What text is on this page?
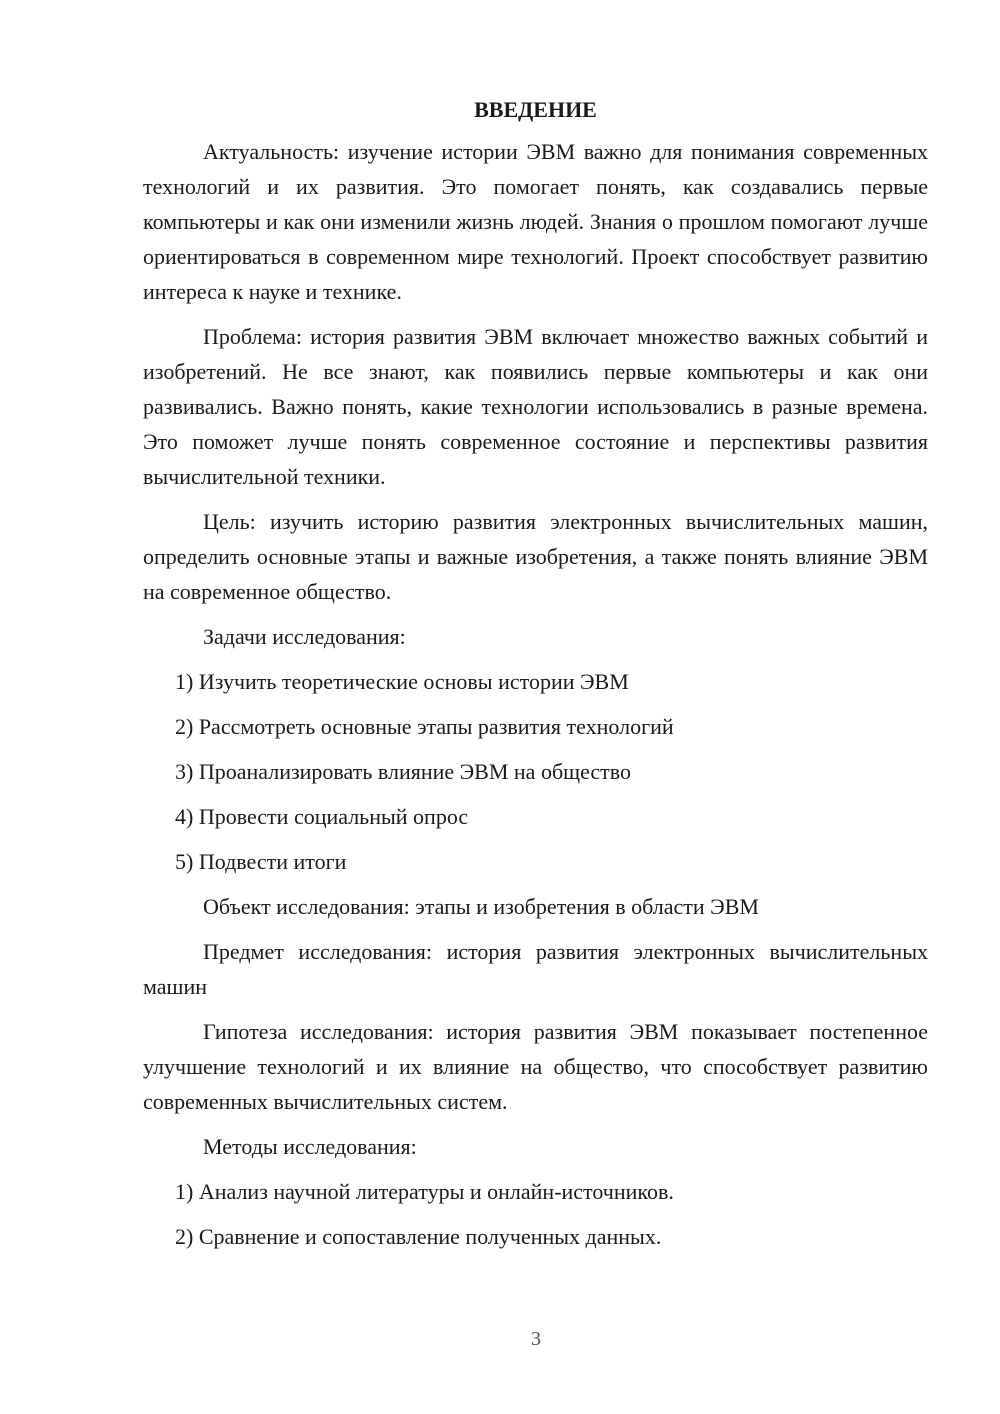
ВВЕДЕНИЕ

Актуальность: изучение истории ЭВМ важно для понимания современных технологий и их развития. Это помогает понять, как создавались первые компьютеры и как они изменили жизнь людей. Знания о прошлом помогают лучше ориентироваться в современном мире технологий. Проект способствует развитию интереса к науке и технике.

Проблема: история развития ЭВМ включает множество важных событий и изобретений. Не все знают, как появились первые компьютеры и как они развивались. Важно понять, какие технологии использовались в разные времена. Это поможет лучше понять современное состояние и перспективы развития вычислительной техники.

Цель: изучить историю развития электронных вычислительных машин, определить основные этапы и важные изобретения, а также понять влияние ЭВМ на современное общество.

Задачи исследования:

1) Изучить теоретические основы истории ЭВМ

2) Рассмотреть основные этапы развития технологий

3) Проанализировать влияние ЭВМ на общество

4) Провести социальный опрос

5) Подвести итоги

Объект исследования: этапы и изобретения в области ЭВМ

Предмет исследования: история развития электронных вычислительных машин

Гипотеза исследования: история развития ЭВМ показывает постепенное улучшение технологий и их влияние на общество, что способствует развитию современных вычислительных систем.

Методы исследования:

1) Анализ научной литературы и онлайн-источников.

2) Сравнение и сопоставление полученных данных.

3
